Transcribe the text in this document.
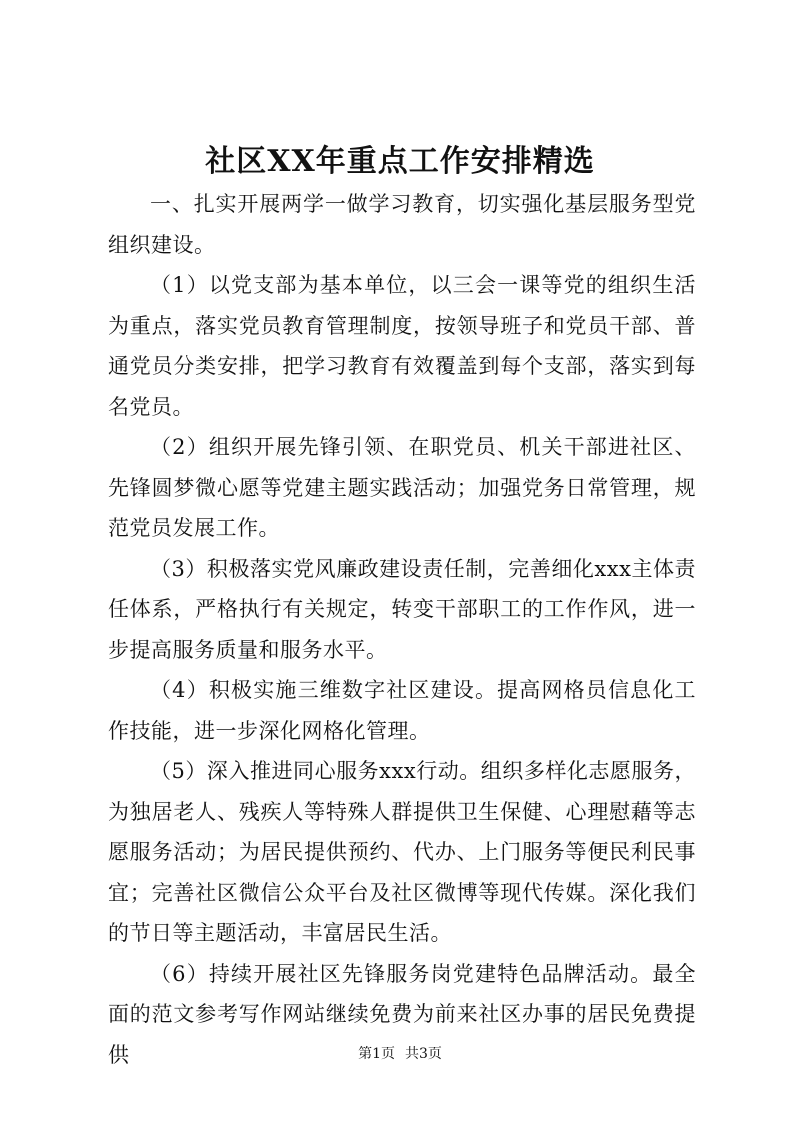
社区XX年重点工作安排精选

一、扎实开展两学一做学习教育，切实强化基层服务型党组织建设。

（1）以党支部为基本单位，以三会一课等党的组织生活为重点，落实党员教育管理制度，按领导班子和党员干部、普通党员分类安排，把学习教育有效覆盖到每个支部，落实到每名党员。

（2）组织开展先锋引领、在职党员、机关干部进社区、先锋圆梦微心愿等党建主题实践活动；加强党务日常管理，规范党员发展工作。

（3）积极落实党风廉政建设责任制，完善细化xxx主体责任体系，严格执行有关规定，转变干部职工的工作作风，进一步提高服务质量和服务水平。

（4）积极实施三维数字社区建设。提高网格员信息化工作技能，进一步深化网格化管理。

（5）深入推进同心服务xxx行动。组织多样化志愿服务，为独居老人、残疾人等特殊人群提供卫生保健、心理慰藉等志愿服务活动；为居民提供预约、代办、上门服务等便民利民事宜；完善社区微信公众平台及社区微博等现代传媒。深化我们的节日等主题活动，丰富居民生活。

（6）持续开展社区先锋服务岗党建特色品牌活动。最全面的范文参考写作网站继续免费为前来社区办事的居民免费提供	第1页 共3页
